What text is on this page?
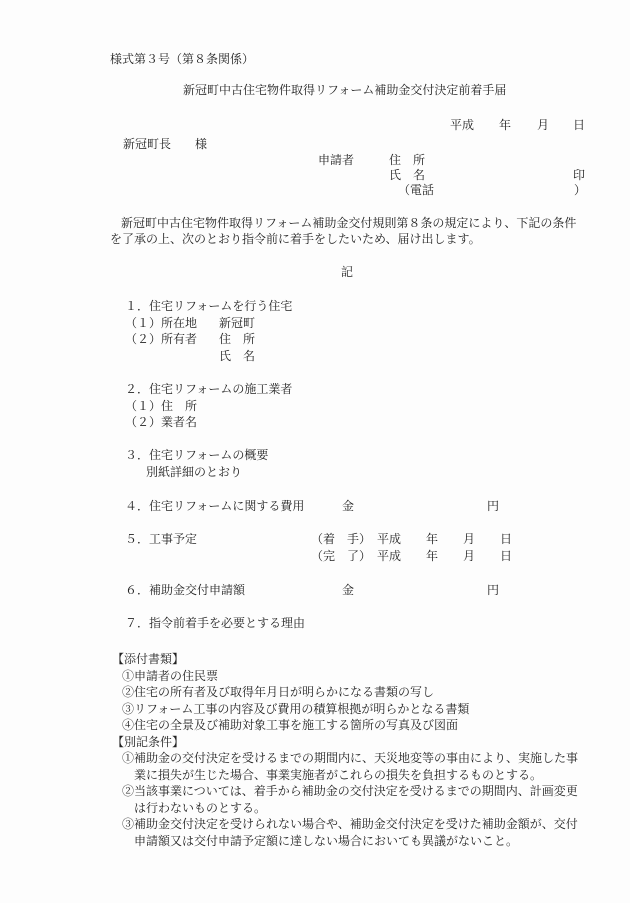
様式第３号（第８条関係）
新冠町中古住宅物件取得リフォーム補助金交付決定前着手届
平成 年 月 日
新冠町長 様
申請者	住　所
氏　名	印
（電話	）
新冠町中古住宅物件取得リフォーム補助金交付規則第８条の規定により、下記の条件
を了承の上、次のとおり指令前に着手をしたいため、届け出します。
記
１．住宅リフォームを行う住宅
（１）所在地 新冠町
（２）所有者 住　所
氏　名
２．住宅リフォームの施工業者
（１）住　所
（２）業者名
３．住宅リフォームの概要
別紙詳細のとおり
４．住宅リフォームに関する費用	金	円
５．工事予定	（着　手） 平成 年 月 日
（完　了） 平成 年 月 日
６．補助金交付申請額	金	円
７．指令前着手を必要とする理由
【添付書類】
①申請者の住民票
②住宅の所有者及び取得年月日が明らかになる書類の写し
③リフォーム工事の内容及び費用の積算根拠が明らかとなる書類
④住宅の全景及び補助対象工事を施工する箇所の写真及び図面
【別記条件】
①補助金の交付決定を受けるまでの期間内に、天災地変等の事由により、実施した事
業に損失が生じた場合、事業実施者がこれらの損失を負担するものとする。
②当該事業については、着手から補助金の交付決定を受けるまでの期間内、計画変更
は行わないものとする。
③補助金交付決定を受けられない場合や、補助金交付決定を受けた補助金額が、交付
申請額又は交付申請予定額に達しない場合においても異議がないこと。
